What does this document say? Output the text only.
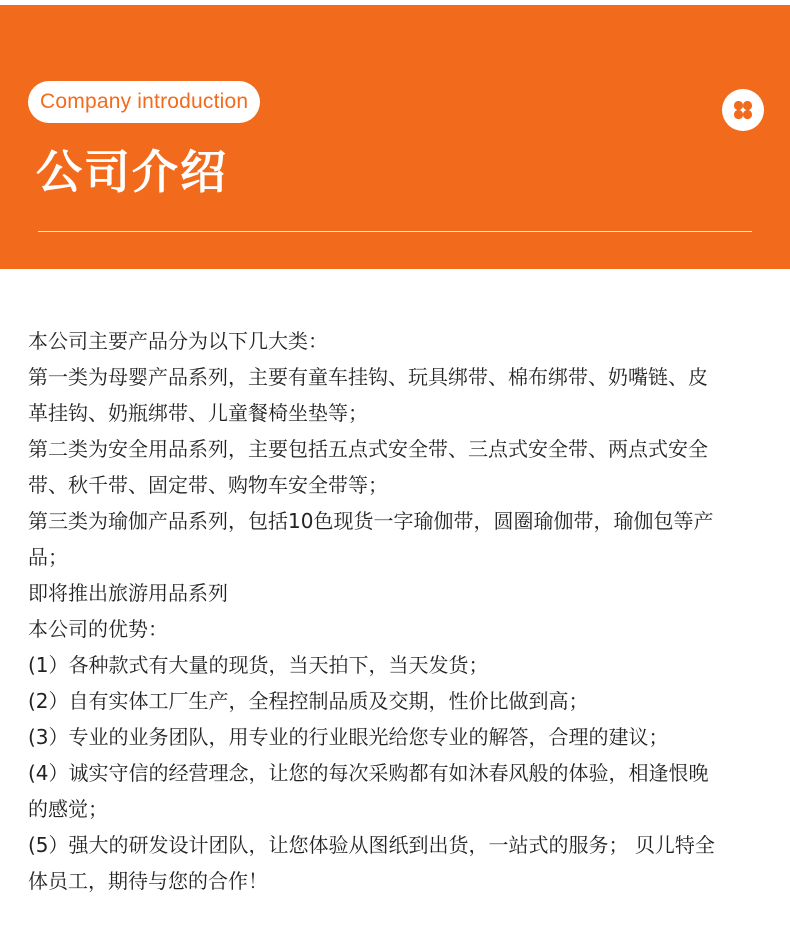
Company introduction
公司介绍

本公司主要产品分为以下几大类：

第一类为母婴产品系列，主要有童车挂钩、玩具绑带、棉布绑带、奶嘴链、皮

革挂钩、奶瓶绑带、儿童餐椅坐垫等；

第二类为安全用品系列，主要包括五点式安全带、三点式安全带、两点式安全

带、秋千带、固定带、购物车安全带等；

第三类为瑜伽产品系列，包括10色现货一字瑜伽带，圆圈瑜伽带，瑜伽包等产

品；

即将推出旅游用品系列

本公司的优势：

(1）各种款式有大量的现货，当天拍下，当天发货；

(2）自有实体工厂生产，全程控制品质及交期，性价比做到高；

(3）专业的业务团队，用专业的行业眼光给您专业的解答，合理的建议；

(4）诚实守信的经营理念，让您的每次采购都有如沐春风般的体验，相逢恨晚

的感觉；

(5）强大的研发设计团队，让您体验从图纸到出货，一站式的服务； 贝儿特全

体员工，期待与您的合作！
